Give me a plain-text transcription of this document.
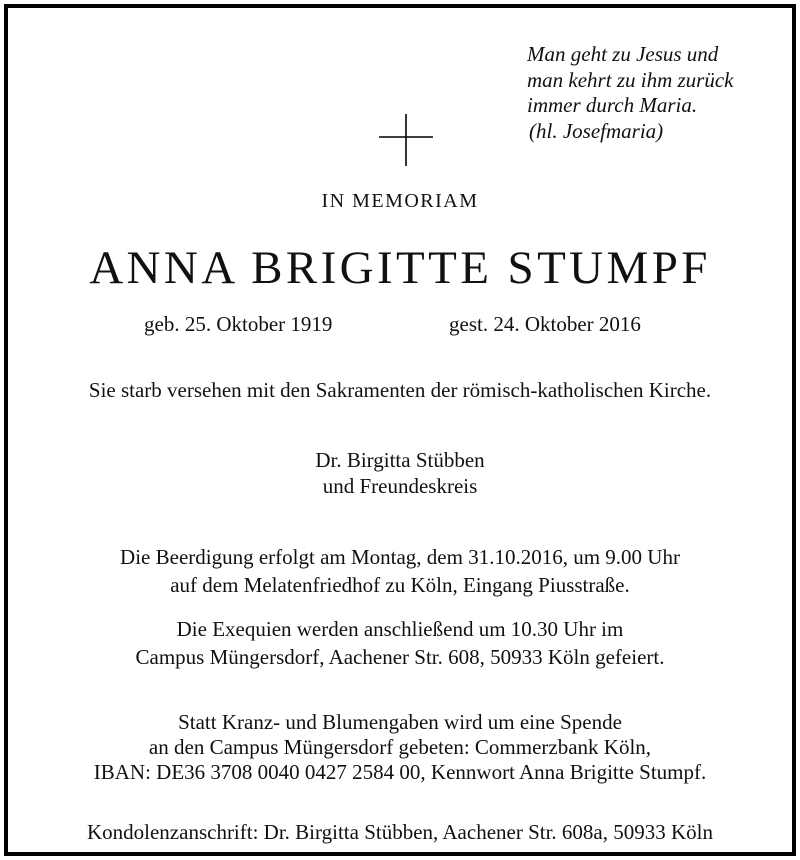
Man geht zu Jesus und
man kehrt zu ihm zurück
immer durch Maria.
(hl. Josefmaria)
IN MEMORIAM
ANNA BRIGITTE STUMPF
geb. 25. Oktober 1919	gest. 24. Oktober 2016
Sie starb versehen mit den Sakramenten der römisch-katholischen Kirche.
Dr. Birgitta Stübben
und Freundeskreis
Die Beerdigung erfolgt am Montag, dem 31.10.2016, um 9.00 Uhr
auf dem Melatenfriedhof zu Köln, Eingang Piusstraße.
Die Exequien werden anschließend um 10.30 Uhr im
Campus Müngersdorf, Aachener Str. 608, 50933 Köln gefeiert.
Statt Kranz- und Blumengaben wird um eine Spende
an den Campus Müngersdorf gebeten: Commerzbank Köln,
IBAN: DE36 3708 0040 0427 2584 00, Kennwort Anna Brigitte Stumpf.
Kondolenzanschrift: Dr. Birgitta Stübben, Aachener Str. 608a, 50933 Köln
